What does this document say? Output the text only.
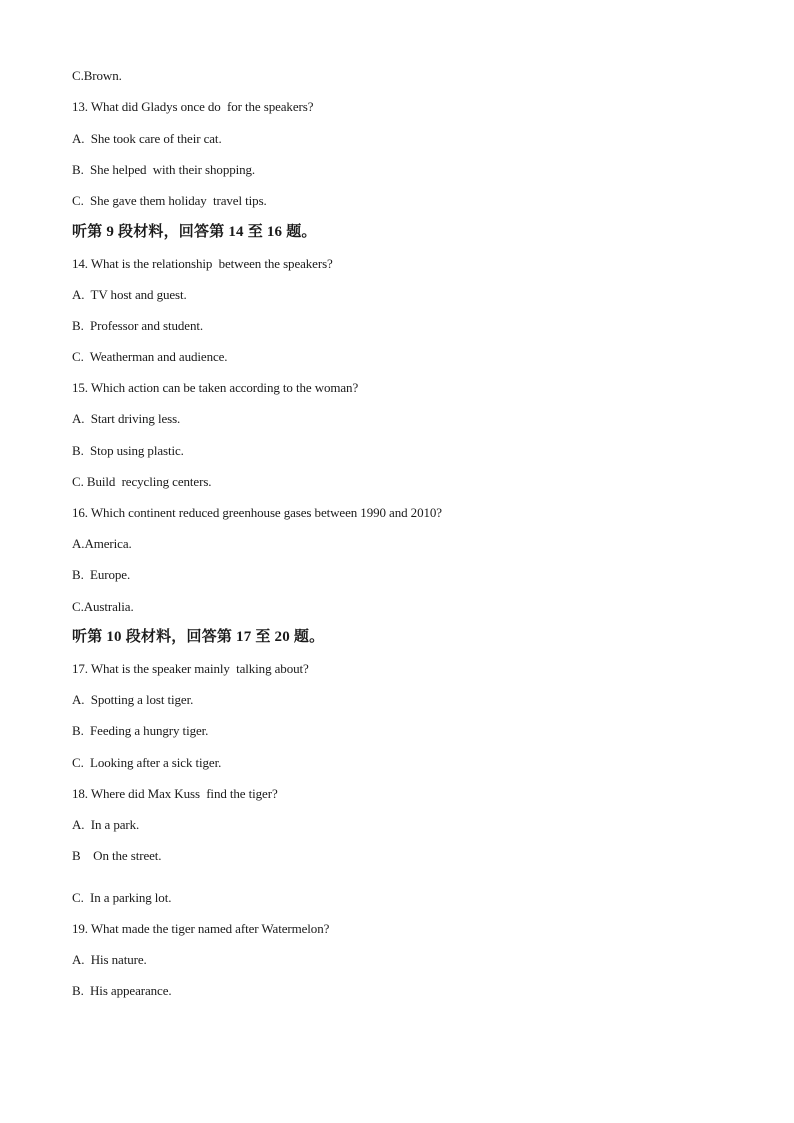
C.Brown.
13. What did Gladys once do  for the speakers?
A.  She took care of their cat.
B.  She helped  with their shopping.
C.  She gave them holiday  travel tips.
听第 9 段材料，回答第 14 至 16 题。
14. What is the relationship  between the speakers?
A.  TV host and guest.
B.  Professor and student.
C.  Weatherman and audience.
15. Which action can be taken according to the woman?
A.  Start driving less.
B.  Stop using plastic.
C. Build  recycling centers.
16. Which continent reduced greenhouse gases between 1990 and 2010?
A.America.
B.  Europe.
C.Australia.
听第 10 段材料，回答第 17 至 20 题。
17. What is the speaker mainly  talking about?
A.  Spotting a lost tiger.
B.  Feeding a hungry tiger.
C.  Looking after a sick tiger.
18. Where did Max Kuss  find the tiger?
A.  In a park.
B    On the street.
C.  In a parking lot.
19. What made the tiger named after Watermelon?
A.  His nature.
B.  His appearance.
